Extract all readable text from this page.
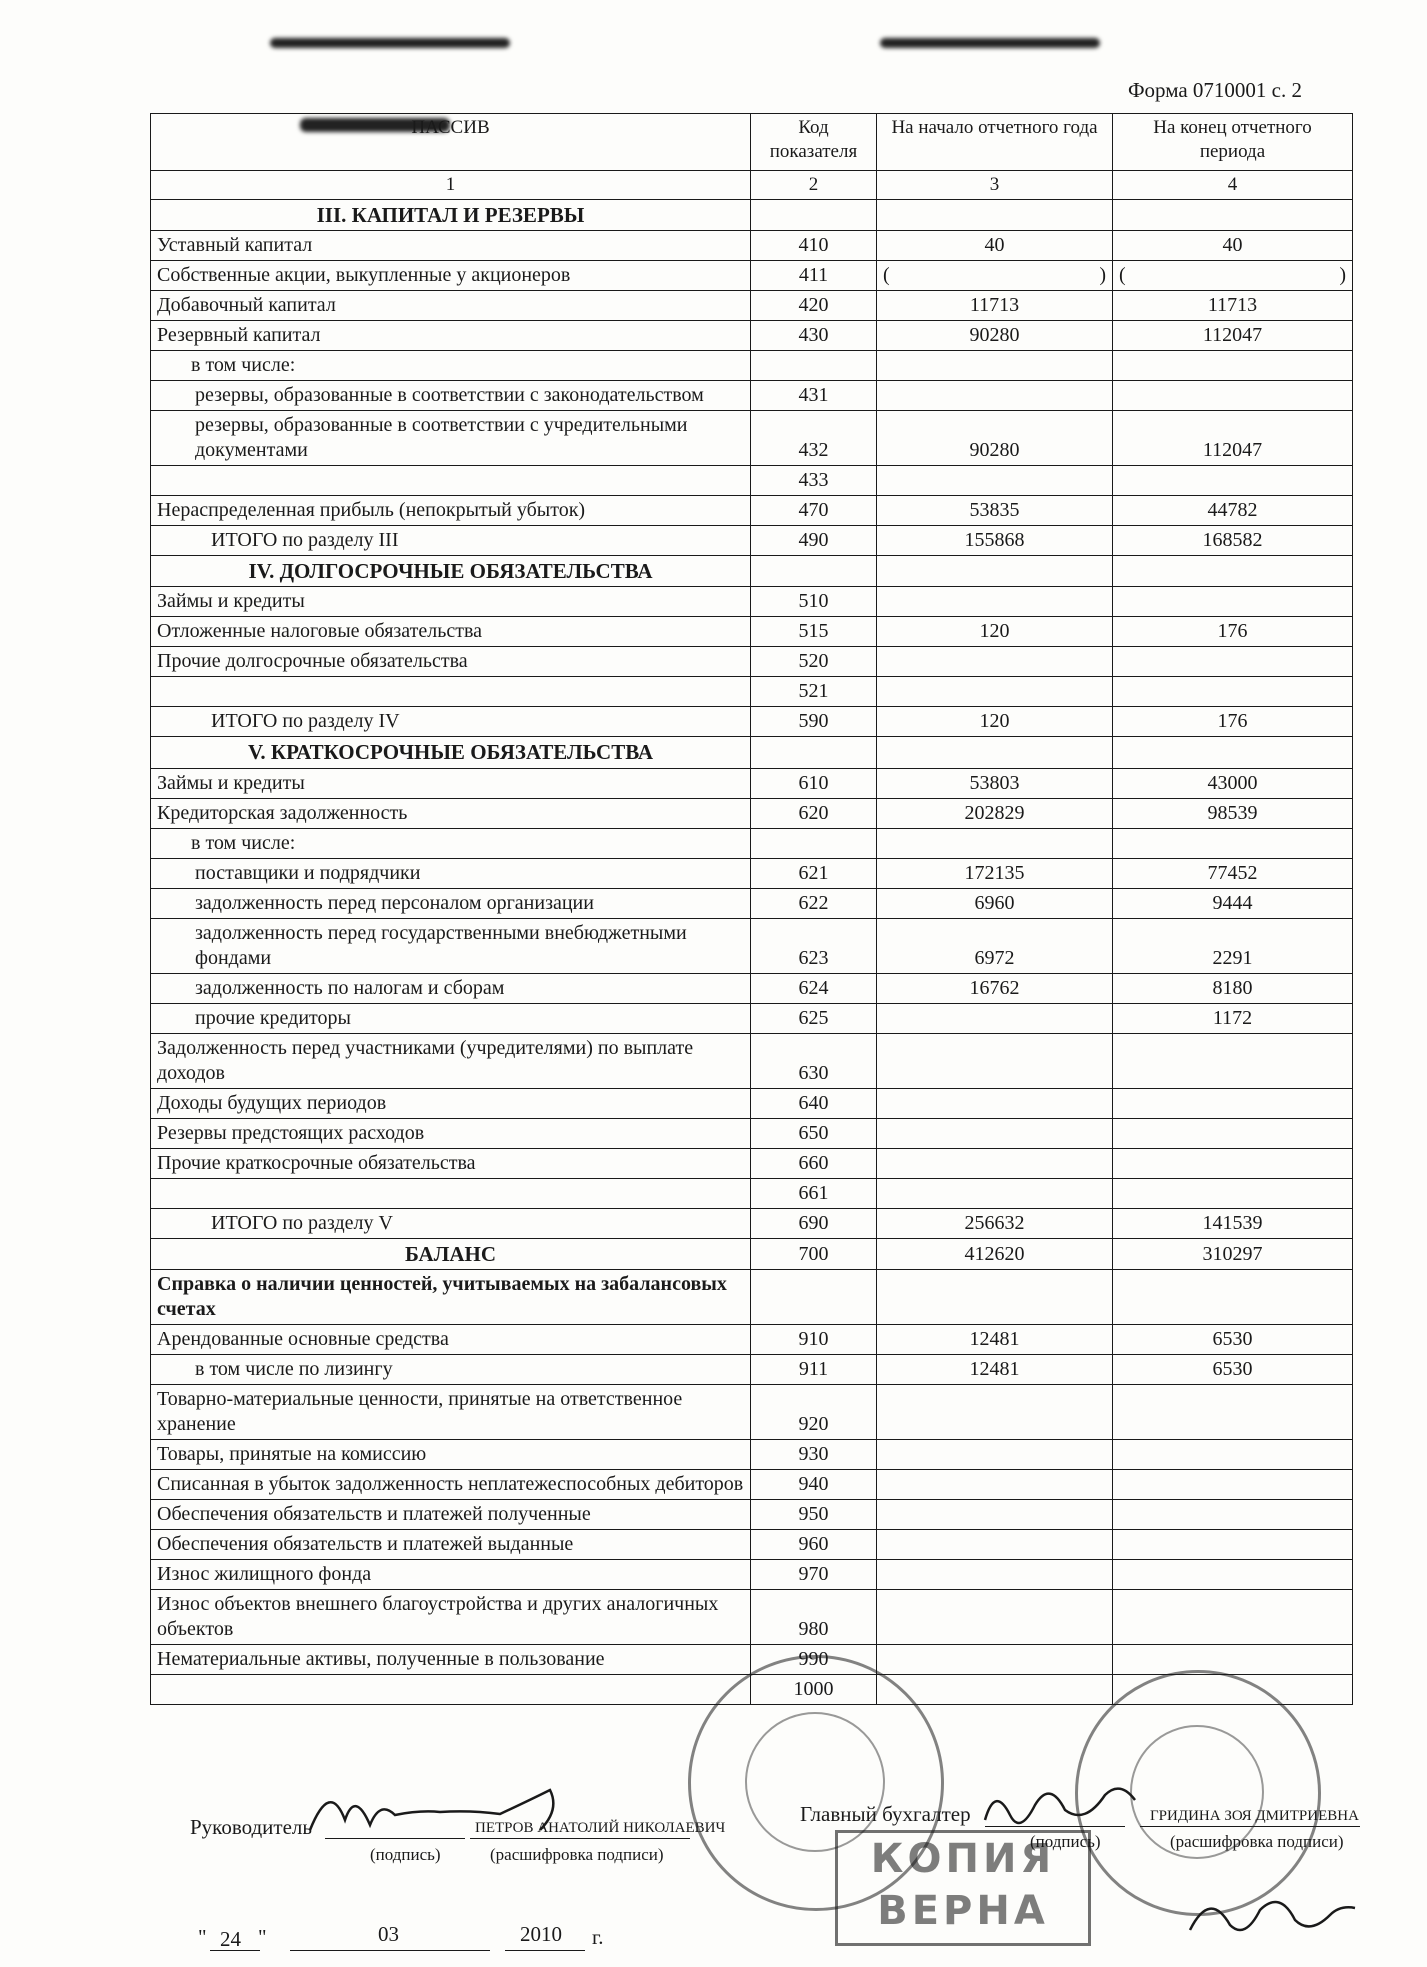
Форма 0710001 с. 2
ПАССИВ	Код показателя	На начало отчетного года	На конец отчетного периода
1	2	3	4
III. КАПИТАЛ И РЕЗЕРВЫ			
Уставный капитал	410	40	40
Собственные акции, выкупленные у акционеров	411	( )	( )

Добавочный капитал	420	11713	11713
Резервный капитал	430	90280	112047
в том числе:			
резервы, образованные в соответствии с законодательством	431		
резервы, образованные в соответствии с учредительными документами	432	90280	112047
	433		
Нераспределенная прибыль (непокрытый убыток)	470	53835	44782
ИТОГО по разделу III	490	155868	168582
IV. ДОЛГОСРОЧНЫЕ ОБЯЗАТЕЛЬСТВА			
Займы и кредиты	510		
Отложенные налоговые обязательства	515	120	176
Прочие долгосрочные обязательства	520		
	521		
ИТОГО по разделу IV	590	120	176
V. КРАТКОСРОЧНЫЕ ОБЯЗАТЕЛЬСТВА			
Займы и кредиты	610	53803	43000
Кредиторская задолженность	620	202829	98539
в том числе:			
поставщики и подрядчики	621	172135	77452
задолженность перед персоналом организации	622	6960	9444
задолженность перед государственными внебюджетными фондами	623	6972	2291
задолженность по налогам и сборам	624	16762	8180
прочие кредиторы	625		1172
Задолженность перед участниками (учредителями) по выплате доходов	630		
Доходы будущих периодов	640		
Резервы предстоящих расходов	650		
Прочие краткосрочные обязательства	660		
	661		
ИТОГО по разделу V	690	256632	141539
БАЛАНС	700	412620	310297
Справка о наличии ценностей, учитываемых на забалансовых счетах			
Арендованные основные средства	910	12481	6530
в том числе по лизингу	911	12481	6530
Товарно-материальные ценности, принятые на ответственное хранение	920		
Товары, принятые на комиссию	930		
Списанная в убыток задолженность неплатежеспособных дебиторов	940		
Обеспечения обязательств и платежей полученные	950		
Обеспечения обязательств и платежей выданные	960		
Износ жилищного фонда	970		
Износ объектов внешнего благоустройства и других аналогичных объектов	980		
Нематериальные активы, полученные в пользование	990		
	1000		
Руководитель	ПЕТРОВ АНАТОЛИЙ НИКОЛАЕВИЧ
(подпись)	(расшифровка подписи)
Главный бухгалтер	ГРИДИНА ЗОЯ ДМИТРИЕВНА
(подпись)	(расшифровка подписи)
" 24 "	03	2010 г.
КОПИЯ
ВЕРНА
